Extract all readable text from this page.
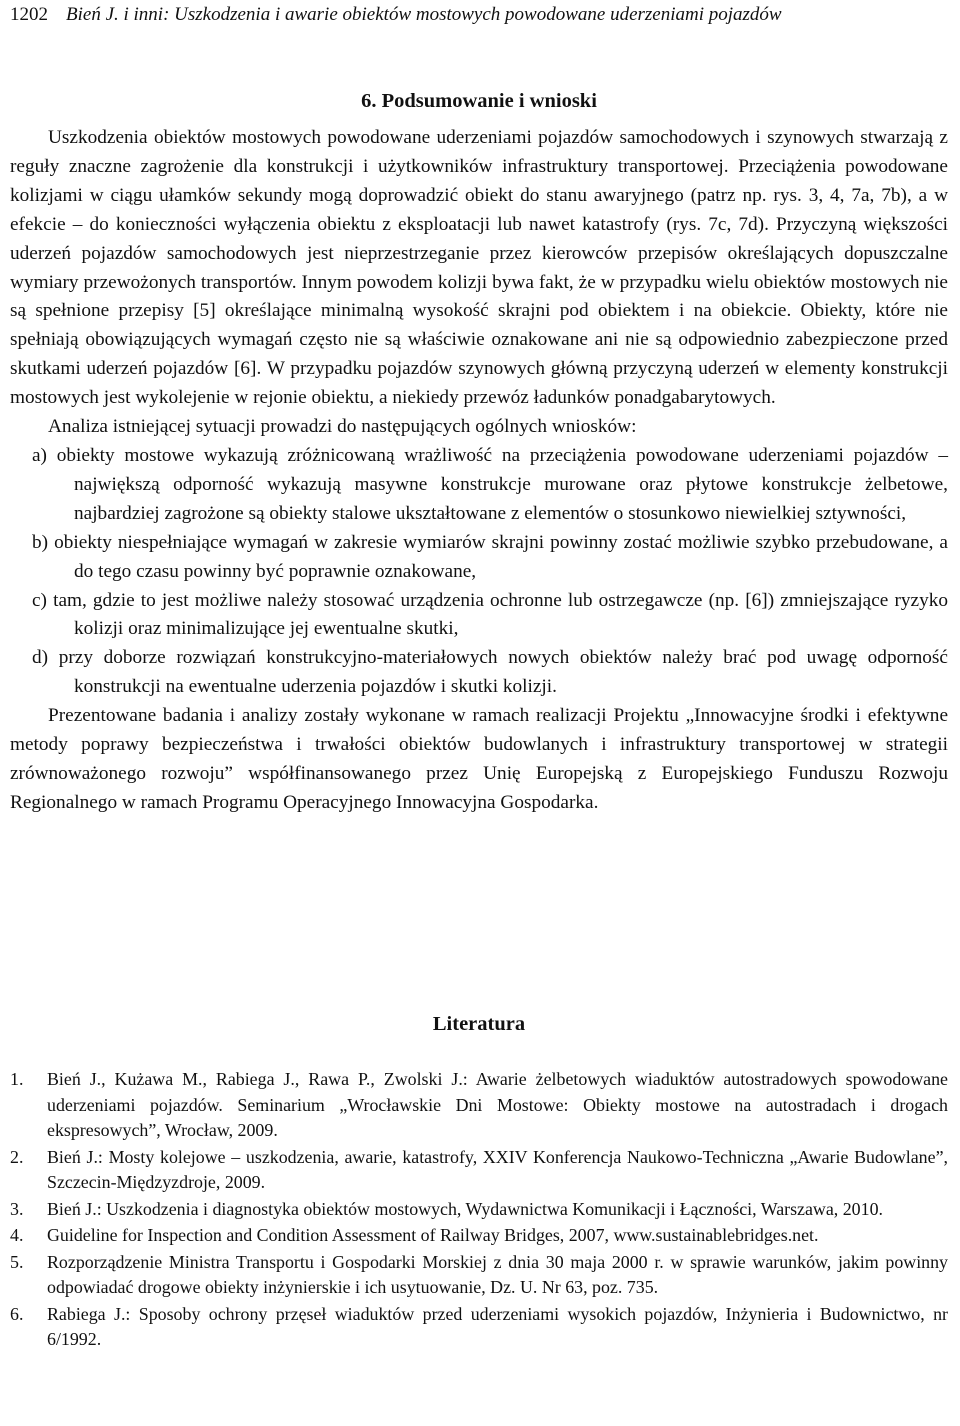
1202 Bień J. i inni: Uszkodzenia i awarie obiektów mostowych powodowane uderzeniami pojazdów
6. Podsumowanie i wnioski

Uszkodzenia obiektów mostowych powodowane uderzeniami pojazdów samochodowych i szynowych stwarzają z reguły znaczne zagrożenie dla konstrukcji i użytkowników infrastruktury transportowej. Przeciążenia powodowane kolizjami w ciągu ułamków sekundy mogą doprowadzić obiekt do stanu awaryjnego (patrz np. rys. 3, 4, 7a, 7b), a w efekcie – do konieczności wyłączenia obiektu z eksploatacji lub nawet katastrofy (rys. 7c, 7d). Przyczyną większości uderzeń pojazdów samochodowych jest nieprzestrzeganie przez kierowców przepisów określających dopuszczalne wymiary przewożonych transportów. Innym powodem kolizji bywa fakt, że w przypadku wielu obiektów mostowych nie są spełnione przepisy [5] określające minimalną wysokość skrajni pod obiektem i na obiekcie. Obiekty, które nie spełniają obowiązujących wymagań często nie są właściwie oznakowane ani nie są odpowiednio zabezpieczone przed skutkami uderzeń pojazdów [6]. W przypadku pojazdów szynowych główną przyczyną uderzeń w elementy konstrukcji mostowych jest wykolejenie w rejonie obiektu, a niekiedy przewóz ładunków ponadgabarytowych.

Analiza istniejącej sytuacji prowadzi do następujących ogólnych wniosków:

a) obiekty mostowe wykazują zróżnicowaną wrażliwość na przeciążenia powodowane uderzeniami pojazdów – największą odporność wykazują masywne konstrukcje murowane oraz płytowe konstrukcje żelbetowe, najbardziej zagrożone są obiekty stalowe ukształtowane z elementów o stosunkowo niewielkiej sztywności,

b) obiekty niespełniające wymagań w zakresie wymiarów skrajni powinny zostać możliwie szybko przebudowane, a do tego czasu powinny być poprawnie oznakowane,

c) tam, gdzie to jest możliwe należy stosować urządzenia ochronne lub ostrzegawcze (np. [6]) zmniejszające ryzyko kolizji oraz minimalizujące jej ewentualne skutki,

d) przy doborze rozwiązań konstrukcyjno-materiałowych nowych obiektów należy brać pod uwagę odporność konstrukcji na ewentualne uderzenia pojazdów i skutki kolizji.

Prezentowane badania i analizy zostały wykonane w ramach realizacji Projektu „Innowacyjne środki i efektywne metody poprawy bezpieczeństwa i trwałości obiektów budowlanych i infrastruktury transportowej w strategii zrównoważonego rozwoju” współfinansowanego przez Unię Europejską z Europejskiego Funduszu Rozwoju Regionalnego w ramach Programu Operacyjnego Innowacyjna Gospodarka.

Literatura
1. Bień J., Kużawa M., Rabiega J., Rawa P., Zwolski J.: Awarie żelbetowych wiaduktów autostradowych spowodowane uderzeniami pojazdów. Seminarium „Wrocławskie Dni Mostowe: Obiekty mostowe na autostradach i drogach ekspresowych”, Wrocław, 2009.
2. Bień J.: Mosty kolejowe – uszkodzenia, awarie, katastrofy, XXIV Konferencja Naukowo-Techniczna „Awarie Budowlane”, Szczecin-Międzyzdroje, 2009.
3. Bień J.: Uszkodzenia i diagnostyka obiektów mostowych, Wydawnictwa Komunikacji i Łączności, Warszawa, 2010.
4. Guideline for Inspection and Condition Assessment of Railway Bridges, 2007, www.sustainablebridges.net.
5. Rozporządzenie Ministra Transportu i Gospodarki Morskiej z dnia 30 maja 2000 r. w sprawie warunków, jakim powinny odpowiadać drogowe obiekty inżynierskie i ich usytuowanie, Dz. U. Nr 63, poz. 735.
6. Rabiega J.: Sposoby ochrony przęseł wiaduktów przed uderzeniami wysokich pojazdów, Inżynieria i Budownictwo, nr 6/1992.
